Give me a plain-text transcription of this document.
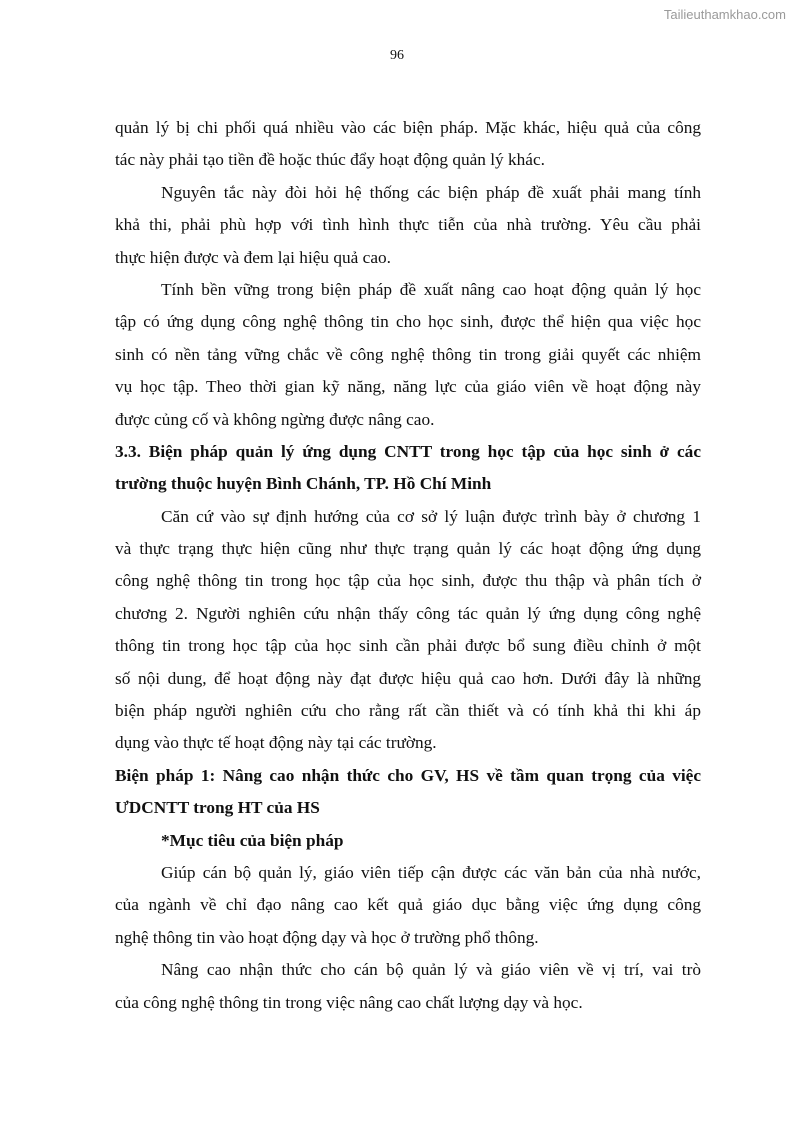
Tailieuthamkhao.com
96
quản lý bị chi phối quá nhiều vào các biện pháp. Mặc khác, hiệu quả của công
tác này phải tạo tiền đề hoặc thúc đẩy hoạt động quản lý khác.
Nguyên tắc này đòi hỏi hệ thống các biện pháp đề xuất phải mang tính
khả thi, phải phù hợp với tình hình thực tiễn của nhà trường. Yêu cầu phải
thực hiện được và đem lại hiệu quả cao.
Tính bền vững trong biện pháp đề xuất nâng cao hoạt động quản lý học
tập có ứng dụng công nghệ thông tin cho học sinh, được thể hiện qua việc học
sinh có nền tảng vững chắc về công nghệ thông tin trong giải quyết các nhiệm
vụ học tập. Theo thời gian kỹ năng, năng lực của giáo viên về hoạt động này
được củng cố và không ngừng được nâng cao.
3.3. Biện pháp quản lý ứng dụng CNTT trong học tập của học sinh ở các
trường thuộc huyện Bình Chánh, TP. Hồ Chí Minh
Căn cứ vào sự định hướng của cơ sở lý luận được trình bày ở chương 1
và thực trạng thực hiện cũng như thực trạng quản lý các hoạt động ứng dụng
công nghệ thông tin trong học tập của học sinh, được thu thập và phân tích ở
chương 2. Người nghiên cứu nhận thấy công tác quản lý ứng dụng công nghệ
thông tin trong học tập của học sinh cần phải được bổ sung điều chỉnh ở một
số nội dung, để hoạt động này đạt được hiệu quả cao hơn. Dưới đây là những
biện pháp người nghiên cứu cho rằng rất cần thiết và có tính khả thi khi áp
dụng vào thực tế hoạt động này tại các trường.
Biện pháp 1: Nâng cao nhận thức cho GV, HS về tầm quan trọng của việc
ƯDCNTT trong HT của HS
*Mục tiêu của biện pháp
Giúp cán bộ quản lý, giáo viên tiếp cận được các văn bản của nhà nước,
của ngành về chỉ đạo nâng cao kết quả giáo dục bằng việc ứng dụng công
nghệ thông tin vào hoạt động dạy và học ở trường phổ thông.
Nâng cao nhận thức cho cán bộ quản lý và giáo viên về vị trí, vai trò
của công nghệ thông tin trong việc nâng cao chất lượng dạy và học.
